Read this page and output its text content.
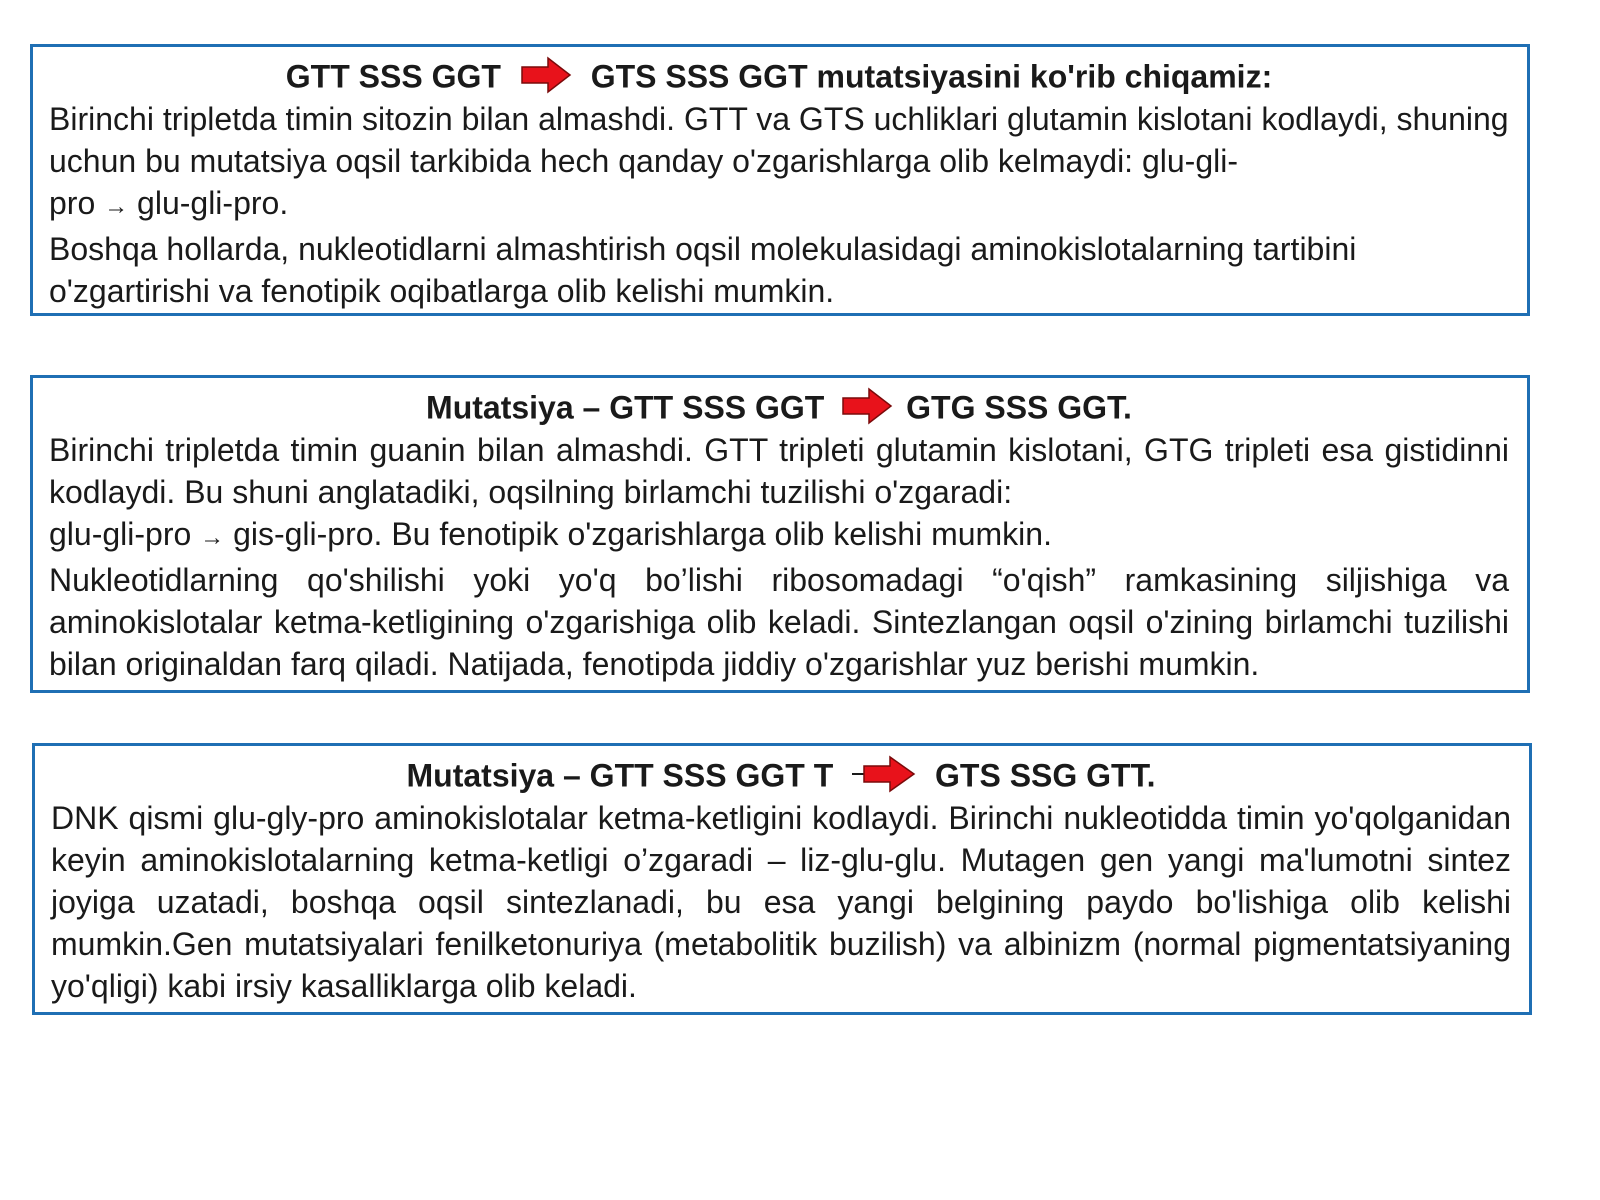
GTT SSS GGT	GTS SSS GGT mutatsiyasini ko'rib chiqamiz:

Birinchi tripletda timin sitozin bilan almashdi. GTT va GTS uchliklari glutamin kislotani kodlaydi, shuning uchun bu mutatsiya oqsil tarkibida hech qanday o'zgarishlarga olib kelmaydi: glu-gli-
pro → glu-gli-pro.

Boshqa hollarda, nukleotidlarni almashtirish oqsil molekulasidagi aminokislotalarning tartibini o'zgartirishi va fenotipik oqibatlarga olib kelishi mumkin.

Mutatsiya – GTT SSS GGT	GTG SSS GGT.

Birinchi tripletda timin guanin bilan almashdi. GTT tripleti glutamin kislotani, GTG tripleti esa gistidinni kodlaydi. Bu shuni anglatadiki, oqsilning birlamchi tuzilishi o'zgaradi:

glu-gli-pro → gis-gli-pro. Bu fenotipik o'zgarishlarga olib kelishi mumkin.

Nukleotidlarning qo'shilishi yoki yo'q bo’lishi ribosomadagi “o'qish” ramkasining siljishiga va aminokislotalar ketma-ketligining o'zgarishiga olib keladi. Sintezlangan oqsil o'zining birlamchi tuzilishi bilan originaldan farq qiladi. Natijada, fenotipda jiddiy o'zgarishlar yuz berishi mumkin.

Mutatsiya – GTT SSS GGT T	GTS SSG GTT.

DNK qismi glu-gly-pro aminokislotalar ketma-ketligini kodlaydi. Birinchi nukleotidda timin yo'qolganidan keyin aminokislotalarning ketma-ketligi o’zgaradi – liz-glu-glu. Mutagen gen yangi ma'lumotni sintez joyiga uzatadi, boshqa oqsil sintezlanadi, bu esa yangi belgining paydo bo'lishiga olib kelishi mumkin.Gen mutatsiyalari fenilketonuriya (metabolitik buzilish) va albinizm (normal pigmentatsiyaning yo'qligi) kabi irsiy kasalliklarga olib keladi.
